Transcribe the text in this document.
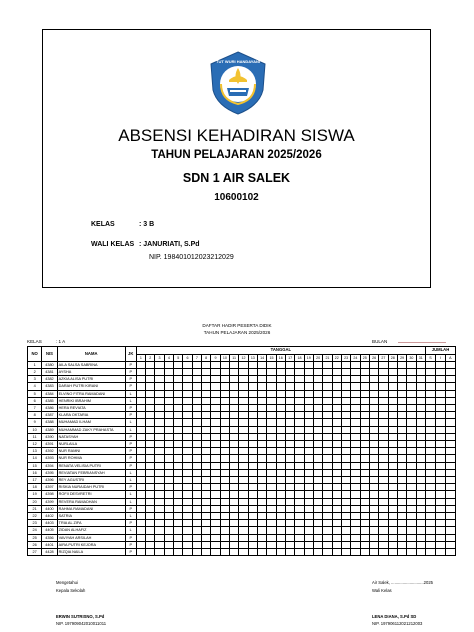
TUT WURI HANDAYANI
ABSENSI KEHADIRAN SISWA
TAHUN PELAJARAN 2025/2026
SDN 1 AIR SALEK
10600102
KELAS	: 3 B
WALI KELAS : JANURIATI, S.Pd
NIP. 198401012023212029
DAFTAR HADIR PESERTA DIDIK
TAHUN PELAJARAN 2025/2026
KELAS	: 1 A	BULAN
NO	NIS	NAMA	JK	TANGGAL																															JUMLAH		
				1	2	3	4	5	6	7	8	9	10	11	12	13	14	15	16	17	18	19	20	21	22	23	24	25	26	27	28	29	30	31	S	I	A
1	4380	AILA SALSA SABRINA	P																																		
2	4381	AYSHA	P																																		
3	4382	AZKIA ALISA PUTRI	P																																		
4	4383	DARAH PUTRI KIRANI	P																																		
5	4384	ELVINO FITRA RAMADANI	L																																		
6	4385	HENRIKI IBRAHIM	L																																		
7	4386	HERA REVIATA	P																																		
8	4387	KLARA OKTARIA	P																																		
9	4388	MUHAMAD ILHAM	L																																		
10	4389	MUHAMMAD ZAKY PRAHASTA	L																																		
11	4390	NATASYAH	P																																		
12	4391	NURLAILA	P																																		
13	4392	NUR RAMNI	P																																		
14	4393	NUR ROHMA	P																																		
15	4394	RENATA VELISIA PUTRI	P																																		
16	4395	REVIATAN FEBRIANSYAH	L																																		
17	4396	REY AGUSTRI	L																																		
18	4397	RISKIA NURAIDAH PUTRI	P																																		
19	4398	ROFII DESVRETRI	L																																		
20	4399	REVERA RAMADHAN	L																																		
21	4400	RAHMA RAMADANI	P																																		
22	4402	SATRIA	L																																		
23	4403	TRIA AL ZIFA	P																																		
24	4405	ZIDAN ALHAFIZ	L																																		
25	4356	VAVIYAH ARSILAH	P																																		
26	4401	AIRA PUTRI KEJORA	P																																		
27	4428	RIZQIA NAILA	P																																		
Mengetahui
Kepala Sekolah
ERWIN SUTRISNO, S.Pd
NIP. 197909042010011011
Air Salek, ............................2025
Wali Kelas
LENA DIANA, S.Pd SD
NIP. 197906112021212003
